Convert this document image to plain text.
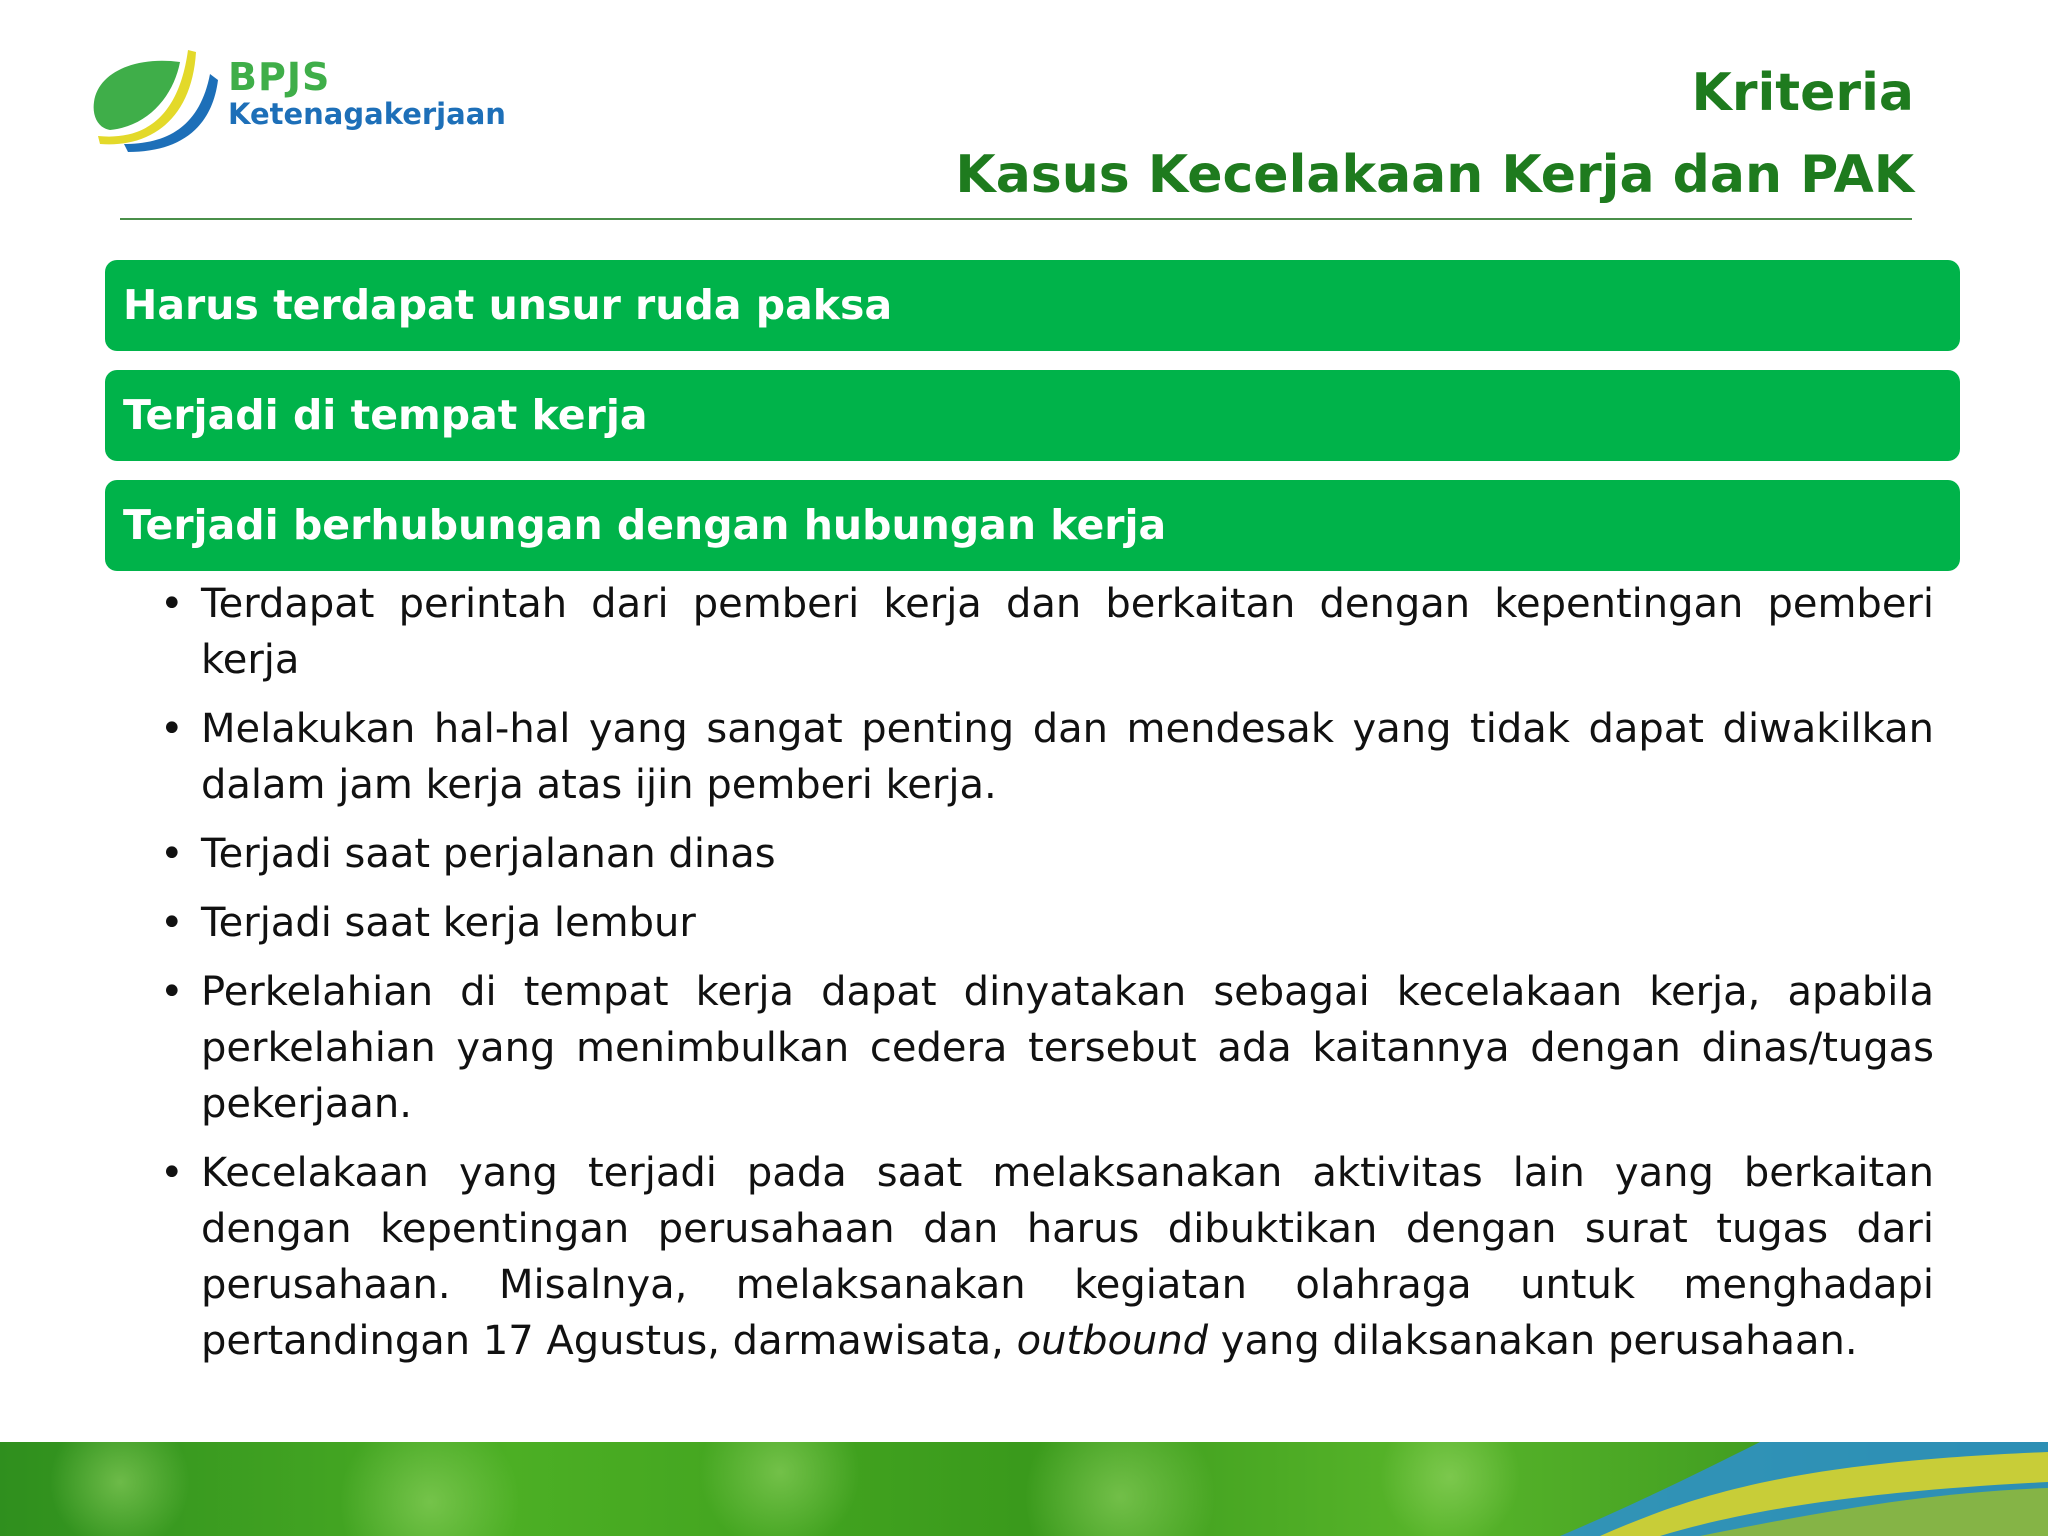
BPJS
Ketenagakerjaan	Kriteria
Kasus Kecelakaan Kerja dan PAK
Harus terdapat unsur ruda paksa
Terjadi di tempat kerja
Terjadi berhubungan dengan hubungan kerja
• Terdapat perintah dari pemberi kerja dan berkaitan dengan kepentingan pemberi kerja
• Melakukan hal-hal yang sangat penting dan mendesak yang tidak dapat diwakilkan dalam jam kerja atas ijin pemberi kerja.
• Terjadi saat perjalanan dinas
• Terjadi saat kerja lembur
• Perkelahian di tempat kerja dapat dinyatakan sebagai kecelakaan kerja, apabila perkelahian yang menimbulkan cedera tersebut ada kaitannya dengan dinas/tugas pekerjaan.
• Kecelakaan yang terjadi pada saat melaksanakan aktivitas lain yang berkaitan dengan kepentingan perusahaan dan harus dibuktikan dengan surat tugas dari perusahaan. Misalnya, melaksanakan kegiatan olahraga untuk menghadapi pertandingan 17 Agustus, darmawisata, outbound yang dilaksanakan perusahaan.
